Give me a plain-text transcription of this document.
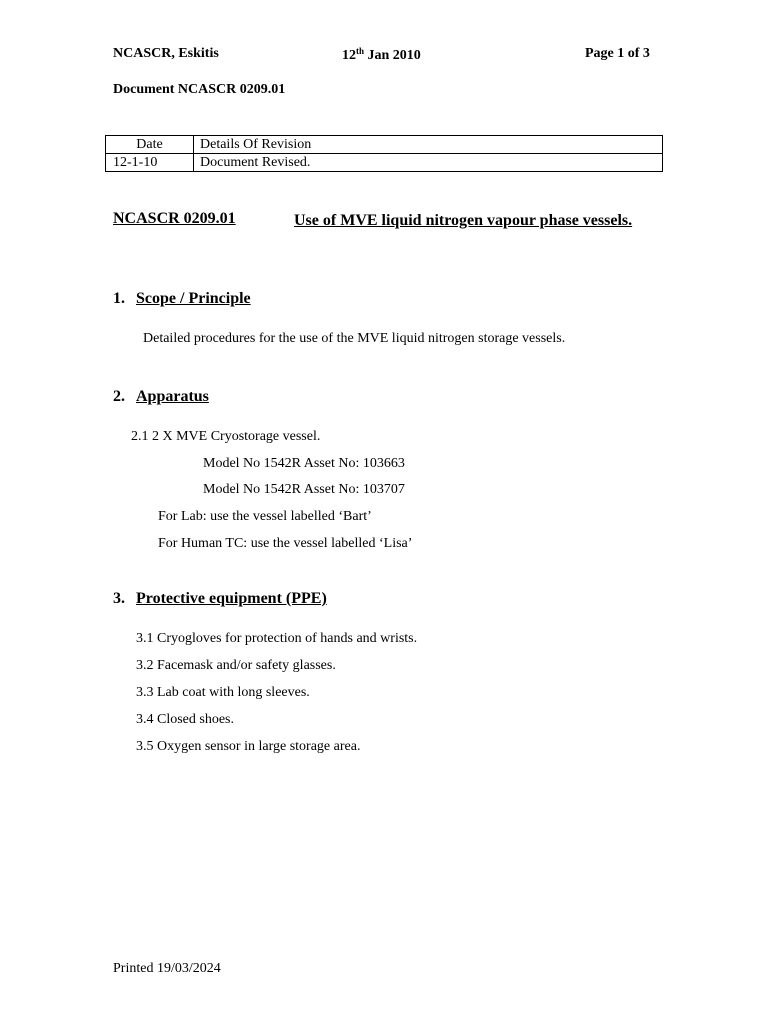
NCASCR, Eskitis	12th Jan 2010	Page 1 of 3
Document NCASCR 0209.01
Date	Details Of Revision
12-1-10	Document Revised.
NCASCR 0209.01	Use of MVE liquid nitrogen vapour phase vessels.
1. Scope / Principle
Detailed procedures for the use of the MVE liquid nitrogen storage vessels.
2. Apparatus
2.1 2 X MVE Cryostorage vessel.
Model No 1542R Asset No: 103663
Model No 1542R Asset No: 103707
For Lab: use the vessel labelled ‘Bart’
For Human TC: use the vessel labelled ‘Lisa’
3. Protective equipment (PPE)
3.1 Cryogloves for protection of hands and wrists.
3.2 Facemask and/or safety glasses.
3.3 Lab coat with long sleeves.
3.4 Closed shoes.
3.5 Oxygen sensor in large storage area.
Printed 19/03/2024
